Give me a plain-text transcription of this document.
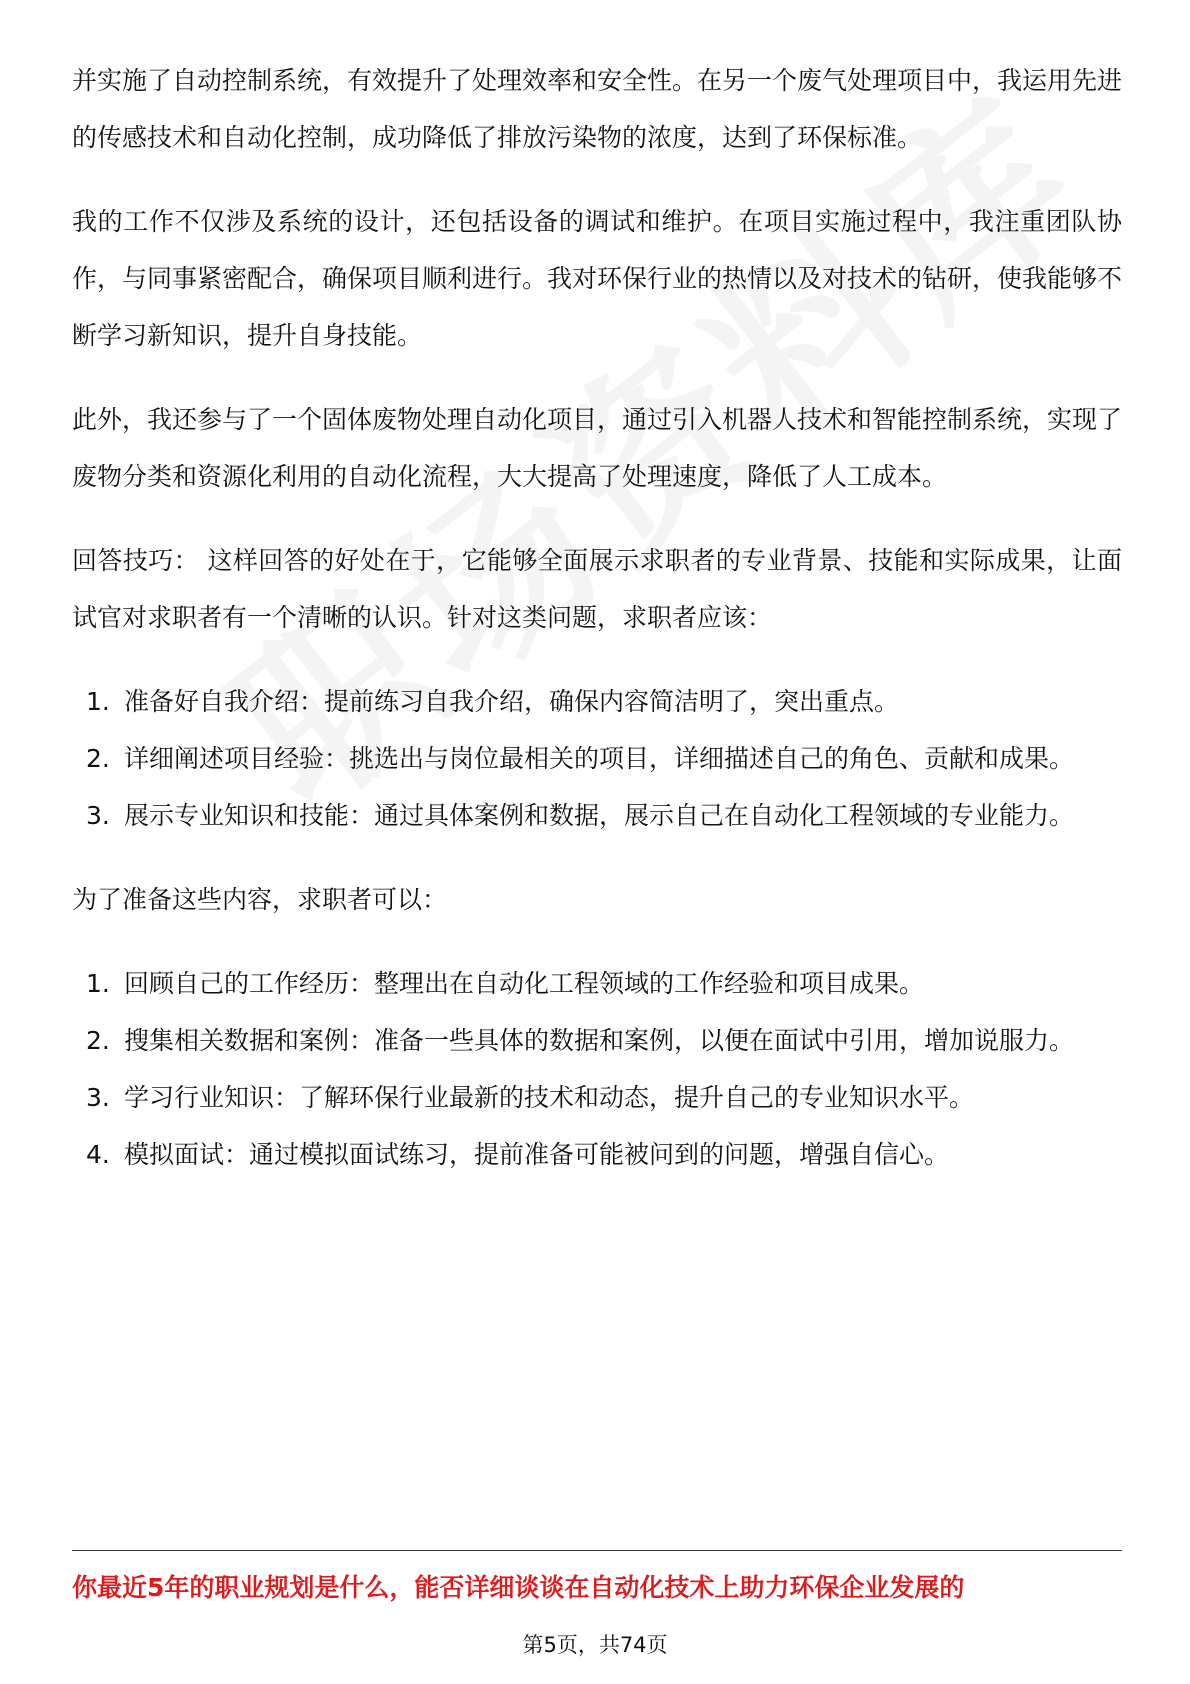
并实施了自动控制系统，有效提升了处理效率和安全性。在另一个废气处理项目中，我运用先进的传感技术和自动化控制，成功降低了排放污染物的浓度，达到了环保标准。

我的工作不仅涉及系统的设计，还包括设备的调试和维护。在项目实施过程中，我注重团队协作，与同事紧密配合，确保项目顺利进行。我对环保行业的热情以及对技术的钻研，使我能够不断学习新知识，提升自身技能。

此外，我还参与了一个固体废物处理自动化项目，通过引入机器人技术和智能控制系统，实现了废物分类和资源化利用的自动化流程，大大提高了处理速度，降低了人工成本。

回答技巧： 这样回答的好处在于，它能够全面展示求职者的专业背景、技能和实际成果，让面试官对求职者有一个清晰的认识。针对这类问题，求职者应该：

1. 准备好自我介绍：提前练习自我介绍，确保内容简洁明了，突出重点。
2. 详细阐述项目经验：挑选出与岗位最相关的项目，详细描述自己的角色、贡献和成果。
3. 展示专业知识和技能：通过具体案例和数据，展示自己在自动化工程领域的专业能力。

为了准备这些内容，求职者可以：

1. 回顾自己的工作经历：整理出在自动化工程领域的工作经验和项目成果。
2. 搜集相关数据和案例：准备一些具体的数据和案例，以便在面试中引用，增加说服力。
3. 学习行业知识：了解环保行业最新的技术和动态，提升自己的专业知识水平。
4. 模拟面试：通过模拟面试练习，提前准备可能被问到的问题，增强自信心。
你最近5年的职业规划是什么，能否详细谈谈在自动化技术上助力环保企业发展的
第5页，共74页
